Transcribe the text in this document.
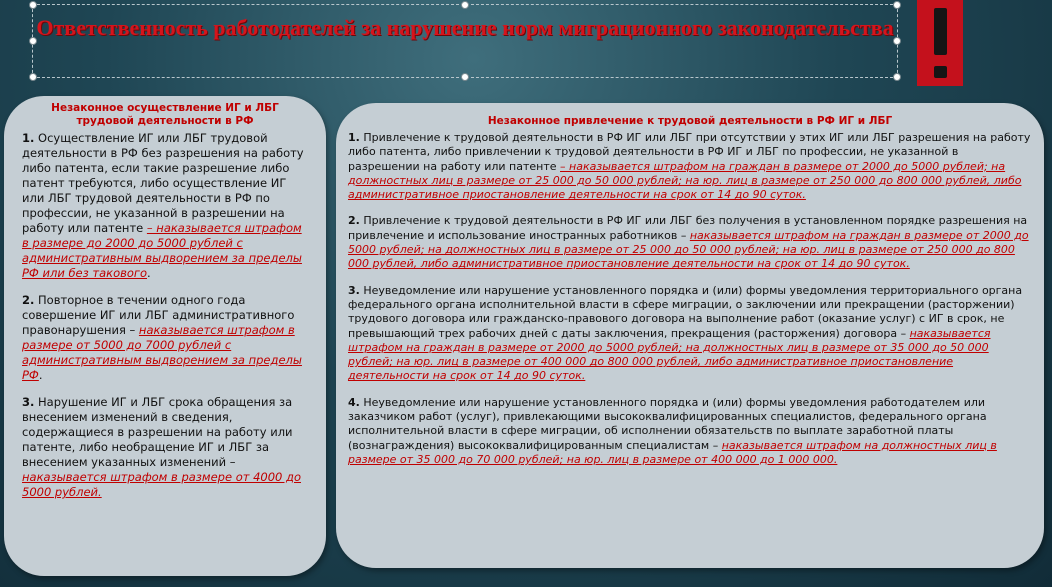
Ответственность работодателей за нарушение норм миграционного законодательства
Незаконное осуществление ИГ и ЛБГ трудовой деятельности в РФ
1. Осуществление ИГ или ЛБГ трудовой деятельности в РФ без разрешения на работу либо патента, если такие разрешение либо патент требуются, либо осуществление ИГ или ЛБГ трудовой деятельности в РФ по профессии, не указанной в разрешении на работу или патенте – наказывается штрафом в размере до 2000 до 5000 рублей с административным выдворением за пределы РФ или без такового.
2. Повторное в течении одного года совершение ИГ или ЛБГ административного правонарушения – наказывается штрафом в размере от 5000 до 7000 рублей с административным выдворением за пределы РФ.
3. Нарушение ИГ и ЛБГ срока обращения за внесением изменений в сведения, содержащиеся в разрешении на работу или патенте, либо необращение ИГ и ЛБГ за внесением указанных изменений – наказывается штрафом в размере от 4000 до 5000 рублей.
Незаконное привлечение к трудовой деятельности в РФ ИГ и ЛБГ
1. Привлечение к трудовой деятельности в РФ ИГ или ЛБГ при отсутствии у этих ИГ или ЛБГ разрешения на работу либо патента, либо привлечении к трудовой деятельности в РФ ИГ и ЛБГ по профессии, не указанной в разрешении на работу или патенте – наказывается штрафом на граждан в размере от 2000 до 5000 рублей; на должностных лиц в размере от 25 000 до 50 000 рублей; на юр. лиц в размере от 250 000 до 800 000 рублей, либо административное приостановление деятельности на срок от 14 до 90 суток.
2. Привлечение к трудовой деятельности в РФ ИГ или ЛБГ без получения в установленном порядке разрешения на привлечение и использование иностранных работников – наказывается штрафом на граждан в размере от 2000 до 5000 рублей; на должностных лиц в размере от 25 000 до 50 000 рублей; на юр. лиц в размере от 250 000 до 800 000 рублей, либо административное приостановление деятельности на срок от 14 до 90 суток.
3. Неуведомление или нарушение установленного порядка и (или) формы уведомления территориального органа федерального органа исполнительной власти в сфере миграции, о заключении или прекращении (расторжении) трудового договора или гражданско-правового договора на выполнение работ (оказание услуг) с ИГ в срок, не превышающий трех рабочих дней с даты заключения, прекращения (расторжения) договора – наказывается штрафом на граждан в размере от 2000 до 5000 рублей; на должностных лиц в размере от 35 000 до 50 000 рублей; на юр. лиц в размере от 400 000 до 800 000 рублей, либо административное приостановление деятельности на срок от 14 до 90 суток.
4. Неуведомление или нарушение установленного порядка и (или) формы уведомления работодателем или заказчиком работ (услуг), привлекающими высококвалифицированных специалистов, федерального органа исполнительной власти в сфере миграции, об исполнении обязательств по выплате заработной платы (вознаграждения) высококвалифицированным специалистам – наказывается штрафом на должностных лиц в размере от 35 000 до 70 000 рублей; на юр. лиц в размере от 400 000 до 1 000 000.
